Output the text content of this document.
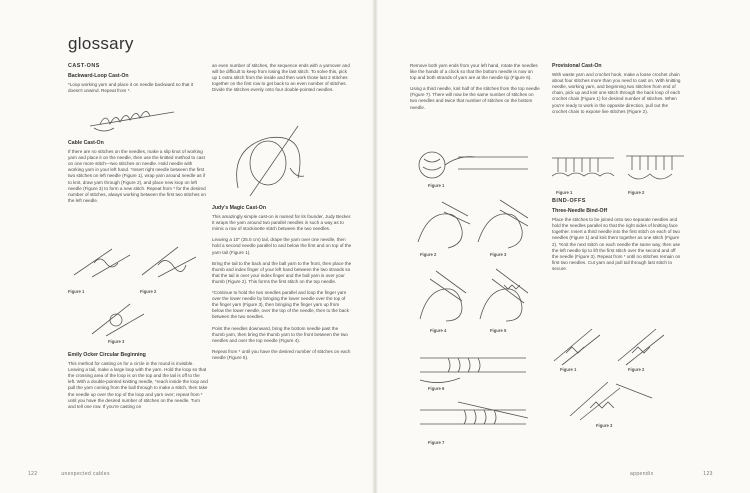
glossary
CAST-ONS
Backward-Loop Cast-On

*Loop working yarn and place it on needle backward so that it doesn't unwind. Repeat from *.

Cable Cast-On

If there are no stitches on the needles, make a slip knot of working yarn and place it on the needle, then use the knitted method to cast on one more stitch—two stitches on needle. Hold needle with working yarn in your left hand. *Insert right needle between the first two stitches on left needle (Figure 1), wrap yarn around needle as if to knit, draw yarn through (Figure 2), and place new loop on left needle (Figure 3) to form a new stitch. Repeat from * for the desired number of stitches, always working between the first two stitches on the left needle.

Figure 1	Figure 2
Figure 3
Emily Ocker Circular Beginning

This method for casting on for a circle in the round is invisible. Leaving a tail, make a large loop with the yarn. Hold the loop so that the crossing area of the loop is on the top and the tail is off to the left. With a double-pointed knitting needle, *reach inside the loop and pull the yarn coming from the ball through to make a stitch, then take the needle up over the top of the loop and yarn over; repeat from * until you have the desired number of stitches on the needle. Turn and tell one row. If you're casting on

an even number of stitches, the sequence ends with a yarnover and will be difficult to keep from losing the last stitch. To solve this, pick up 1 extra stitch from the inside and then work those last 2 stitches together on the first row to get back to an even number of stitches. Divide the stitches evenly onto four double-pointed needles.

Judy's Magic Cast-On

This amazingly simple cast-on is named for its founder, Judy Becker. It wraps the yarn around two parallel needles in such a way as to mimic a row of stockinette stitch between the two needles.

Leaving a 10" (25.5 cm) tail, drape the yarn over one needle, then hold a second needle parallel to and below the first and on top of the yarn tail (Figure 1).

Bring the tail to the back and the ball yarn to the front, then place the thumb and index finger of your left hand between the two strands so that the tail is over your index finger and the ball yarn is over your thumb (Figure 2). This forms the first stitch on the top needle.

*Continue to hold the two needles parallel and loop the finger yarn over the lower needle by bringing the lower needle over the top of the finger yarn (Figure 3), then bringing the finger yarn up from below the lower needle, over the top of the needle, then to the back between the two needles.

Point the needles downward, bring the bottom needle past the thumb yarn, then bring the thumb yarn to the front between the two needles and over the top needle (Figure 4).

Repeat from * until you have the desired number of stitches on each needle (Figure 5).

122	unexpected cables

Remove both yarn ends from your left hand, rotate the needles like the hands of a clock so that the bottom needle is now on top and both strands of yarn are at the needle tip (Figure 6).

Using a third needle, knit half of the stitches from the top needle (Figure 7). There will now be the same number of stitches on two needles and twice that number of stitches on the bottom needle.

Figure 1
Figure 2	Figure 3
Figure 4	Figure 5
Figure 6
Figure 7
Provisional Cast-On

With waste yarn and crochet hook, make a loose crochet chain about four stitches more than you need to cast on. With knitting needle, working yarn, and beginning two stitches from end of chain, pick up and knit one stitch through the back loop of each crochet chain (Figure 1) for desired number of stitches. When you're ready to work in the opposite direction, pull out the crochet chain to expose live stitches (Figure 2).

Figure 1	Figure 2
BIND-OFFS
Three-Needle Bind-Off

Place the stitches to be joined onto two separate needles and hold the needles parallel so that the right sides of knitting face together. Insert a third needle into the first stitch on each of two needles (Figure 1) and knit them together as one stitch (Figure 2). *Knit the next stitch on each needle the same way, then use the left needle tip to lift the first stitch over the second and off the needle (Figure 3). Repeat from * until no stitches remain on first two needles. Cut yarn and pull tail through last stitch to secure.

Figure 1	Figure 2
Figure 3
appendix	123
